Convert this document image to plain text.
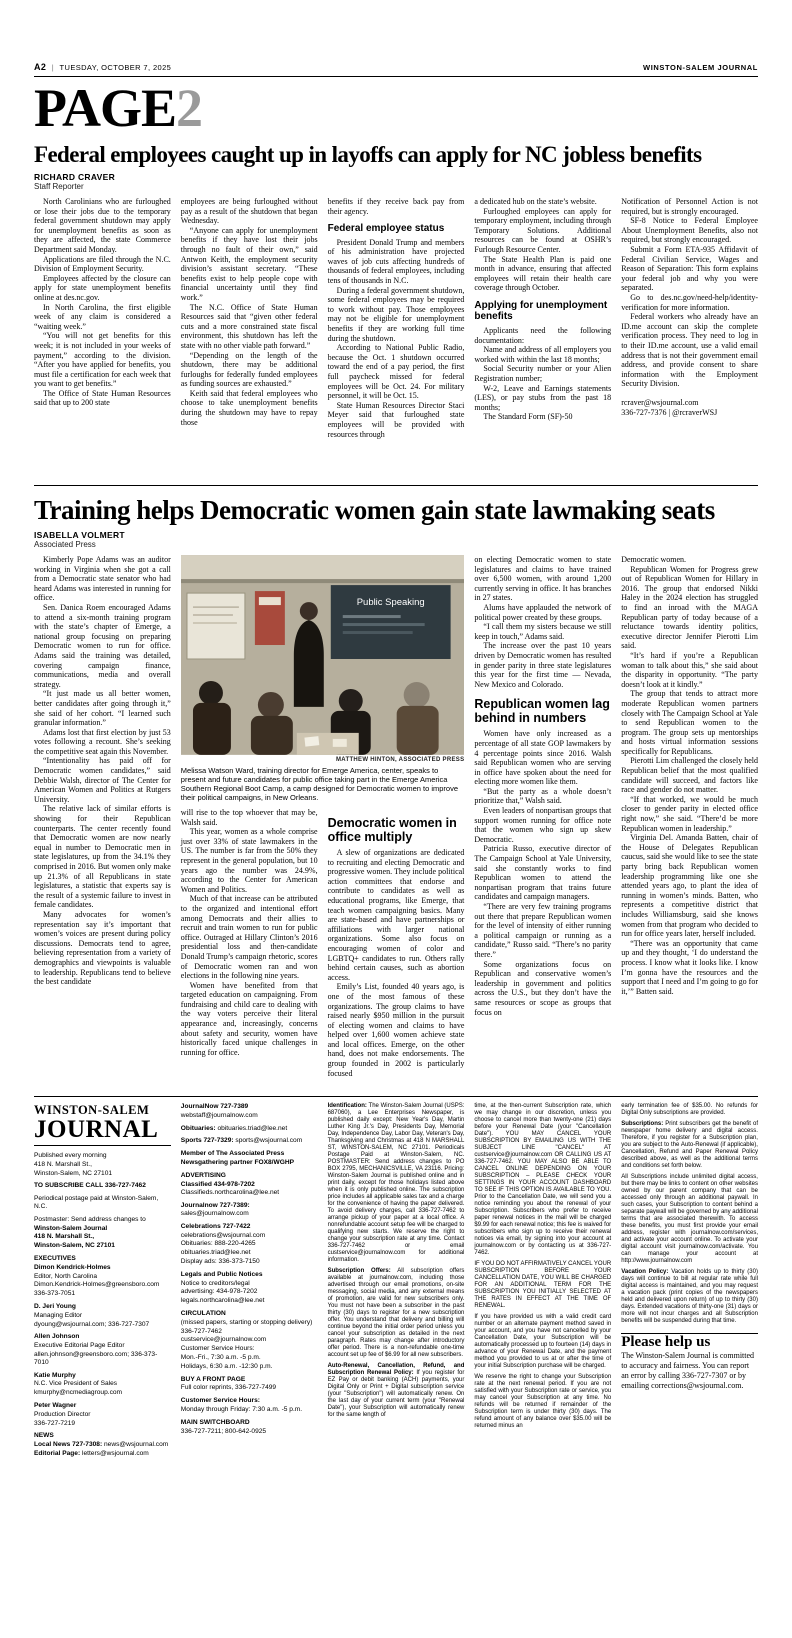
A2 | TUESDAY, OCTOBER 7, 2025	WINSTON-SALEM JOURNAL
PAGE2
Federal employees caught up in layoffs can apply for NC jobless benefits
RICHARD CRAVER
Staff Reporter

North Carolinians who are furloughed or lose their jobs due to the temporary federal government shutdown may apply for unemployment benefits as soon as they are affected, the state Commerce Department said Monday.

Applications are filed through the N.C. Division of Employment Security.

Employees affected by the closure can apply for state unemployment benefits online at des.nc.gov.

In North Carolina, the first eligible week of any claim is considered a “waiting week.”

“You will not get benefits for this week; it is not included in your weeks of payment,” according to the division. “After you have applied for benefits, you must file a certification for each week that you want to get benefits.”

The Office of State Human Resources said that up to 200 state

employees are being furloughed without pay as a result of the shutdown that began Wednesday.

“Anyone can apply for unemployment benefits if they have lost their jobs through no fault of their own,” said Antwon Keith, the employment security division’s assistant secretary. “These benefits exist to help people cope with financial uncertainty until they find work.”

The N.C. Office of State Human Resources said that “given other federal cuts and a more constrained state fiscal environment, this shutdown has left the state with no other viable path forward.”

“Depending on the length of the shutdown, there may be additional furloughs for federally funded employees as funding sources are exhausted.”

Keith said that federal employees who choose to take unemployment benefits during the shutdown may have to repay those

benefits if they receive back pay from their agency.

Federal employee status

President Donald Trump and members of his administration have projected waves of job cuts affecting hundreds of thousands of federal employees, including tens of thousands in N.C.

During a federal government shutdown, some federal employees may be required to work without pay. Those employees may not be eligible for unemployment benefits if they are working full time during the shutdown.

According to National Public Radio, because the Oct. 1 shutdown occurred toward the end of a pay period, the first full paycheck missed for federal employees will be Oct. 24. For military personnel, it will be Oct. 15.

State Human Resources Director Staci Meyer said that furloughed state employees will be provided with resources through

a dedicated hub on the state’s website.

Furloughed employees can apply for temporary employment, including through Temporary Solutions. Additional resources can be found at OSHR’s Furlough Resource Center.

The State Health Plan is paid one month in advance, ensuring that affected employees will retain their health care coverage through October.

Applying for unemployment benefits

Applicants need the following documentation:

Name and address of all employers you worked with within the last 18 months;

Social Security number or your Alien Registration number;

W-2, Leave and Earnings statements (LES), or pay stubs from the past 18 months;

The Standard Form (SF)-50

Notification of Personnel Action is not required, but is strongly encouraged.

SF-8 Notice to Federal Employee About Unemployment Benefits, also not required, but strongly encouraged.

Submit a Form ETA-935 Affidavit of Federal Civilian Service, Wages and Reason of Separation: This form explains your federal job and why you were separated.

Go to des.nc.gov/need-help/identity-verification for more information.

Federal workers who already have an ID.me account can skip the complete verification process. They need to log in to their ID.me account, use a valid email address that is not their government email address, and provide consent to share information with the Employment Security Division.

rcraver@wsjournal.com
336-727-7376 | @rcraverWSJ
Training helps Democratic women gain state lawmaking seats
ISABELLA VOLMERT
Associated Press

Kimberly Pope Adams was an auditor working in Virginia when she got a call from a Democratic state senator who had heard Adams was interested in running for office.

Sen. Danica Roem encouraged Adams to attend a six-month training program with the state’s chapter of Emerge, a national group focusing on preparing Democratic women to run for office. Adams said the training was detailed, covering campaign finance, communications, media and overall strategy.

“It just made us all better women, better candidates after going through it,” she said of her cohort. “I learned such granular information.”

Adams lost that first election by just 53 votes following a recount. She’s seeking the competitive seat again this November.

“Intentionality has paid off for Democratic women candidates,” said Debbie Walsh, director of The Center for American Women and Politics at Rutgers University.

The relative lack of similar efforts is showing for their Republican counterparts. The center recently found that Democratic women are now nearly equal in number to Democratic men in state legislatures, up from the 34.1% they comprised in 2016. But women only make up 21.3% of all Republicans in state legislatures, a statistic that experts say is the result of a systemic failure to invest in female candidates.

Many advocates for women’s representation say it’s important that women’s voices are present during policy discussions. Democrats tend to agree, believing representation from a variety of demographics and viewpoints is valuable to leadership. Republicans tend to believe the best candidate

Public Speaking
MATTHEW HINTON, ASSOCIATED PRESS
Melissa Watson Ward, training director for Emerge America, center, speaks to present and future candidates for public office taking part in the Emerge America Southern Regional Boot Camp, a camp designed for Democratic women to improve their political campaigns, in New Orleans.

will rise to the top whoever that may be, Walsh said.

This year, women as a whole comprise just over 33% of state lawmakers in the US. The number is far from the 50% they represent in the general population, but 10 years ago the number was 24.9%, according to the Center for American Women and Politics.

Much of that increase can be attributed to the organized and intentional effort among Democrats and their allies to recruit and train women to run for public office. Outraged at Hillary Clinton’s 2016 presidential loss and then-candidate Donald Trump’s campaign rhetoric, scores of Democratic women ran and won elections in the following nine years.

Women have benefited from that targeted education on campaigning. From fundraising and child care to dealing with the way voters perceive their literal appearance and, increasingly, concerns about safety and security, women have historically faced unique challenges in running for office.

Democratic women in office multiply

A slew of organizations are dedicated to recruiting and electing Democratic and progressive women. They include political action committees that endorse and contribute to candidates as well as educational programs, like Emerge, that teach women campaigning basics. Many are state-based and have partnerships or affiliations with larger national organizations. Some also focus on encouraging women of color and LGBTQ+ candidates to run. Others rally behind certain causes, such as abortion access.

Emily’s List, founded 40 years ago, is one of the most famous of these organizations. The group claims to have raised nearly $950 million in the pursuit of electing women and claims to have helped over 1,600 women achieve state and local offices. Emerge, on the other hand, does not make endorsements. The group founded in 2002 is particularly focused

on electing Democratic women to state legislatures and claims to have trained over 6,500 women, with around 1,200 currently serving in office. It has branches in 27 states.

Alums have applauded the network of political power created by these groups.

“I call them my sisters because we still keep in touch,” Adams said.

The increase over the past 10 years driven by Democratic women has resulted in gender parity in three state legislatures this year for the first time — Nevada, New Mexico and Colorado.

Republican women lag behind in numbers

Women have only increased as a percentage of all state GOP lawmakers by 4 percentage points since 2016. Walsh said Republican women who are serving in office have spoken about the need for electing more women like them.

“But the party as a whole doesn’t prioritize that,” Walsh said.

Even leaders of nonpartisan groups that support women running for office note that the women who sign up skew Democratic.

Patricia Russo, executive director of The Campaign School at Yale University, said she constantly works to find Republican women to attend the nonpartisan program that trains future candidates and campaign managers.

“There are very few training programs out there that prepare Republican women for the level of intensity of either running a political campaign or running as a candidate,” Russo said. “There’s no parity there.”

Some organizations focus on Republican and conservative women’s leadership in government and politics across the U.S., but they don’t have the same resources or scope as groups that focus on

Democratic women.

Republican Women for Progress grew out of Republican Women for Hillary in 2016. The group that endorsed Nikki Haley in the 2024 election has struggled to find an inroad with the MAGA Republican party of today because of a reluctance towards identity politics, executive director Jennifer Pierotti Lim said.

“It’s hard if you’re a Republican woman to talk about this,” she said about the disparity in opportunity. “The party doesn’t look at it kindly.”

The group that tends to attract more moderate Republican women partners closely with The Campaign School at Yale to send Republican women to the program. The group sets up mentorships and hosts virtual information sessions specifically for Republicans.

Pierotti Lim challenged the closely held Republican belief that the most qualified candidate will succeed, and factors like race and gender do not matter.

“If that worked, we would be much closer to gender parity in elected office right now,” she said. “There’d be more Republican women in leadership.”

Virginia Del. Amanda Batten, chair of the House of Delegates Republican caucus, said she would like to see the state party bring back Republican women leadership programming like one she attended years ago, to plant the idea of running in women’s minds. Batten, who represents a competitive district that includes Williamsburg, said she knows women from that program who decided to run for office years later, herself included.

“There was an opportunity that came up and they thought, ‘I do understand the process. I know what it looks like. I know I’m gonna have the resources and the support that I need and I’m going to go for it,’” Batten said.

WINSTON-SALEM
JOURNAL

Published every morning

418 N. Marshall St.,

Winston-Salem, NC 27101

TO SUBSCRIBE CALL 336-727-7462

Periodical postage paid at Winston-Salem, N.C.

Postmaster: Send address changes to

Winston-Salem Journal

418 N. Marshall St.,

Winston-Salem, NC 27101

EXECUTIVES

Dimon Kendrick-Holmes

Editor, North Carolina

Dimon.Kendrick-Holmes@greensboro.com

336-373-7051

D. Jeri Young

Managing Editor

dyoung@wsjournal.com; 336-727-7307

Allen Johnson

Executive Editorial Page Editor

allen.johnson@greensboro.com; 336-373-7010

Katie Murphy

N.C. Vice President of Sales

kmurphy@ncmediagroup.com

Peter Wagner

Production Director

336-727-7219

NEWS

Local News 727-7308: news@wsjournal.com

Editorial Page: letters@wsjournal.com

JournalNow 727-7389

webstaff@journalnow.com

Obituaries: obituaries.triad@lee.net

Sports 727-7329: sports@wsjournal.com

Member of The Associated Press

Newsgathering partner FOX8/WGHP

ADVERTISING

Classified 434-978-7202

Classifieds.northcarolina@lee.net

Journalnow 727-7389: sales@journalnow.com

Celebrations 727-7422

celebrations@wsjournal.com

Obituaries: 888-220-4265

obituaries.triad@lee.net

Display ads: 336-373-7150

Legals and Public Notices

Notice to creditors/legal

advertising: 434-978-7202

legals.northcarolina@lee.net

CIRCULATION

(missed papers, starting or stopping delivery)

336-727-7462

custservice@journalnow.com

Customer Service Hours:

Mon.-Fri., 7:30 a.m. -5 p.m.

Holidays, 6:30 a.m. -12:30 p.m.

BUY A FRONT PAGE

Full color reprints, 336-727-7499

Customer Service Hours:

Monday through Friday: 7:30 a.m. -5 p.m.

MAIN SWITCHBOARD

336-727-7211; 800-642-0925

Identification: The Winston-Salem Journal (USPS: 687060), a Lee Enterprises Newspaper, is published daily except: New Year's Day, Martin Luther King Jr.'s Day, Presidents Day, Memorial Day, Independence Day, Labor Day, Veteran's Day, Thanksgiving and Christmas at 418 N MARSHALL ST, WINSTON-SALEM, NC 27101. Periodicals Postage Paid at Winston-Salem, NC. POSTMASTER: Send address changes to PO BOX 2795, MECHANICSVILLE, VA 23116. Pricing: Winston-Salem Journal is published online and in print daily, except for those holidays listed above when it is only published online. The subscription price includes all applicable sales tax and a charge for the convenience of having the paper delivered. To avoid delivery charges, call 336-727-7462 to arrange pickup of your paper at a local office. A nonrefundable account setup fee will be charged to qualifying new starts. We reserve the right to change your subscription rate at any time. Contact 336-727-7462 or email custservice@journalnow.com for additional information.

Subscription Offers: All subscription offers available at journalnow.com, including those advertised through our email promotions, on-site messaging, social media, and any external means of promotion, are valid for new subscribers only. You must not have been a subscriber in the past thirty (30) days to register for a new subscription offer. You understand that delivery and billing will continue beyond the initial order period unless you cancel your subscription as detailed in the next paragraph. Rates may change after introductory offer period. There is a non-refundable one-time account set up fee of $6.99 for all new subscribers.

Auto-Renewal, Cancellation, Refund, and Subscription Renewal Policy: If you register for EZ Pay or debit banking (ACH) payments, your Digital Only or Print + Digital subscription service (your "Subscription") will automatically renew. On the last day of your current term (your "Renewal Date"), your Subscription will automatically renew for the same length of

time, at the then-current Subscription rate, which we may change in our discretion, unless you choose to cancel more than twenty-one (21) days before your Renewal Date (your "Cancellation Date"). YOU MAY CANCEL YOUR SUBSCRIPTION BY EMAILING US WITH THE SUBJECT LINE "CANCEL" AT custservice@journalnow.com OR CALLING US AT 336-727-7462. YOU MAY ALSO BE ABLE TO CANCEL ONLINE DEPENDING ON YOUR SUBSCRIPTION – PLEASE CHECK YOUR SETTINGS IN YOUR ACCOUNT DASHBOARD TO SEE IF THIS OPTION IS AVAILABLE TO YOU. Prior to the Cancellation Date, we will send you a notice reminding you about the renewal of your Subscription. Subscribers who prefer to receive paper renewal notices in the mail will be charged $9.99 for each renewal notice; this fee is waived for subscribers who sign up to receive their renewal notices via email, by signing into your account at journalnow.com or by contacting us at 336-727-7462.

IF YOU DO NOT AFFIRMATIVELY CANCEL YOUR SUBSCRIPTION BEFORE YOUR CANCELLATION DATE, YOU WILL BE CHARGED FOR AN ADDITIONAL TERM FOR THE SUBSCRIPTION YOU INITIALLY SELECTED AT THE RATES IN EFFECT AT THE TIME OF RENEWAL.

If you have provided us with a valid credit card number or an alternate payment method saved in your account, and you have not cancelled by your Cancellation Date, your Subscription will be automatically processed up to fourteen (14) days in advance of your Renewal Date, and the payment method you provided to us at or after the time of your initial Subscription purchase will be charged.

We reserve the right to change your Subscription rate at the next renewal period. If you are not satisfied with your Subscription rate or service, you may cancel your Subscription at any time. No refunds will be returned if remainder of the Subscription term is under thirty (30) days. The refund amount of any balance over $35.00 will be returned minus an

early termination fee of $35.00. No refunds for Digital Only subscriptions are provided.

Subscriptions: Print subscribers get the benefit of newspaper home delivery and digital access. Therefore, if you register for a Subscription plan, you are subject to the Auto-Renewal (if applicable), Cancellation, Refund and Paper Renewal Policy described above, as well as the additional terms and conditions set forth below.

All Subscriptions include unlimited digital access, but there may be links to content on other websites owned by our parent company that can be accessed only through an additional paywall. In such cases, your Subscription to content behind a separate paywall will be governed by any additional terms that are associated therewith. To access these benefits, you must first provide your email address, register with journalnow.com/services, and activate your account online. To activate your digital account visit journalnow.com/activate. You can manage your account at http://www.journalnow.com

Vacation Policy: Vacation holds up to thirty (30) days will continue to bill at regular rate while full digital access is maintained, and you may request a vacation pack (print copies of the newspapers held and delivered upon return) of up to thirty (30) days. Extended vacations of thirty-one (31) days or more will not incur charges and all Subscription benefits will be suspended during that time.

Please help us

The Winston-Salem Journal is committed to accuracy and fairness. You can report an error by calling 336-727-7307 or by emailing corrections@wsjournal.com.
